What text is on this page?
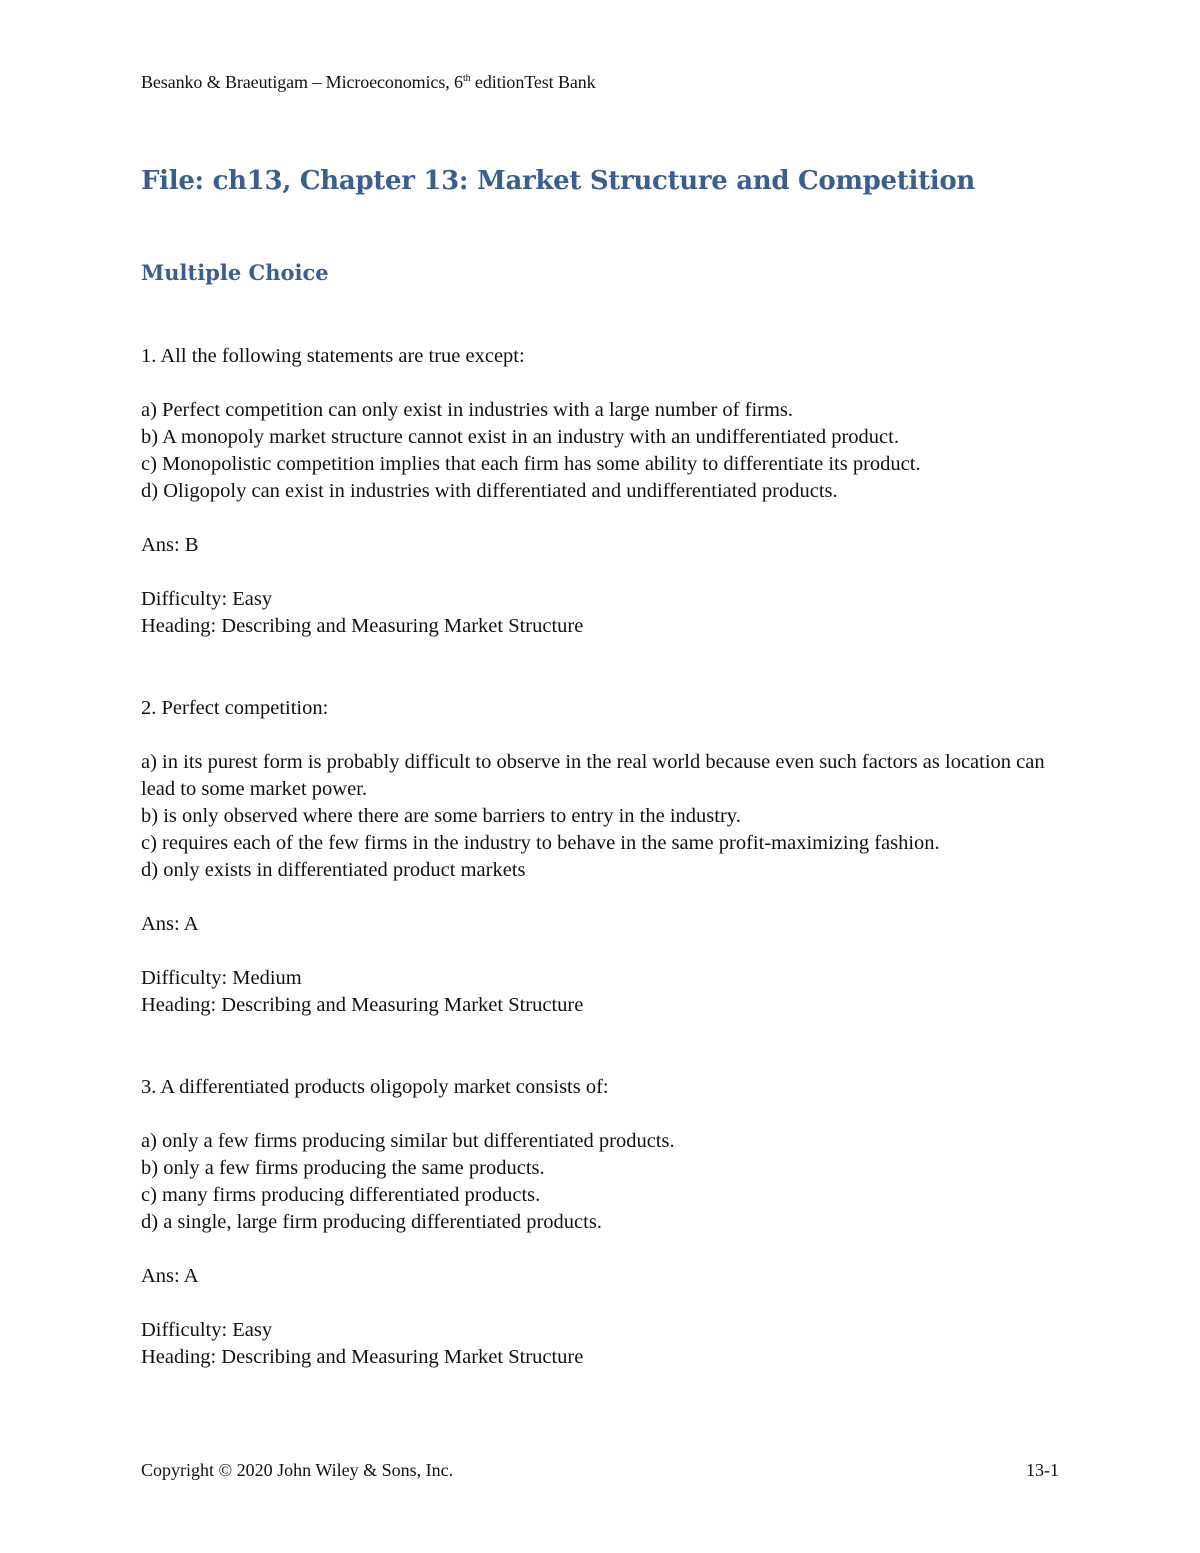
Besanko & Braeutigam – Microeconomics, 6th editionTest Bank
File: ch13, Chapter 13: Market Structure and Competition
Multiple Choice

1. All the following statements are true except:

a) Perfect competition can only exist in industries with a large number of firms.

b) A monopoly market structure cannot exist in an industry with an undifferentiated product.

c) Monopolistic competition implies that each firm has some ability to differentiate its product.

d) Oligopoly can exist in industries with differentiated and undifferentiated products.

Ans: B

Difficulty: Easy

Heading: Describing and Measuring Market Structure

2. Perfect competition:

a) in its purest form is probably difficult to observe in the real world because even such factors as location can lead to some market power.

b) is only observed where there are some barriers to entry in the industry.

c) requires each of the few firms in the industry to behave in the same profit-maximizing fashion.

d) only exists in differentiated product markets

Ans: A

Difficulty: Medium

Heading: Describing and Measuring Market Structure

3. A differentiated products oligopoly market consists of:

a) only a few firms producing similar but differentiated products.

b) only a few firms producing the same products.

c) many firms producing differentiated products.

d) a single, large firm producing differentiated products.

Ans: A

Difficulty: Easy

Heading: Describing and Measuring Market Structure

Copyright © 2020 John Wiley & Sons, Inc.	13-1
